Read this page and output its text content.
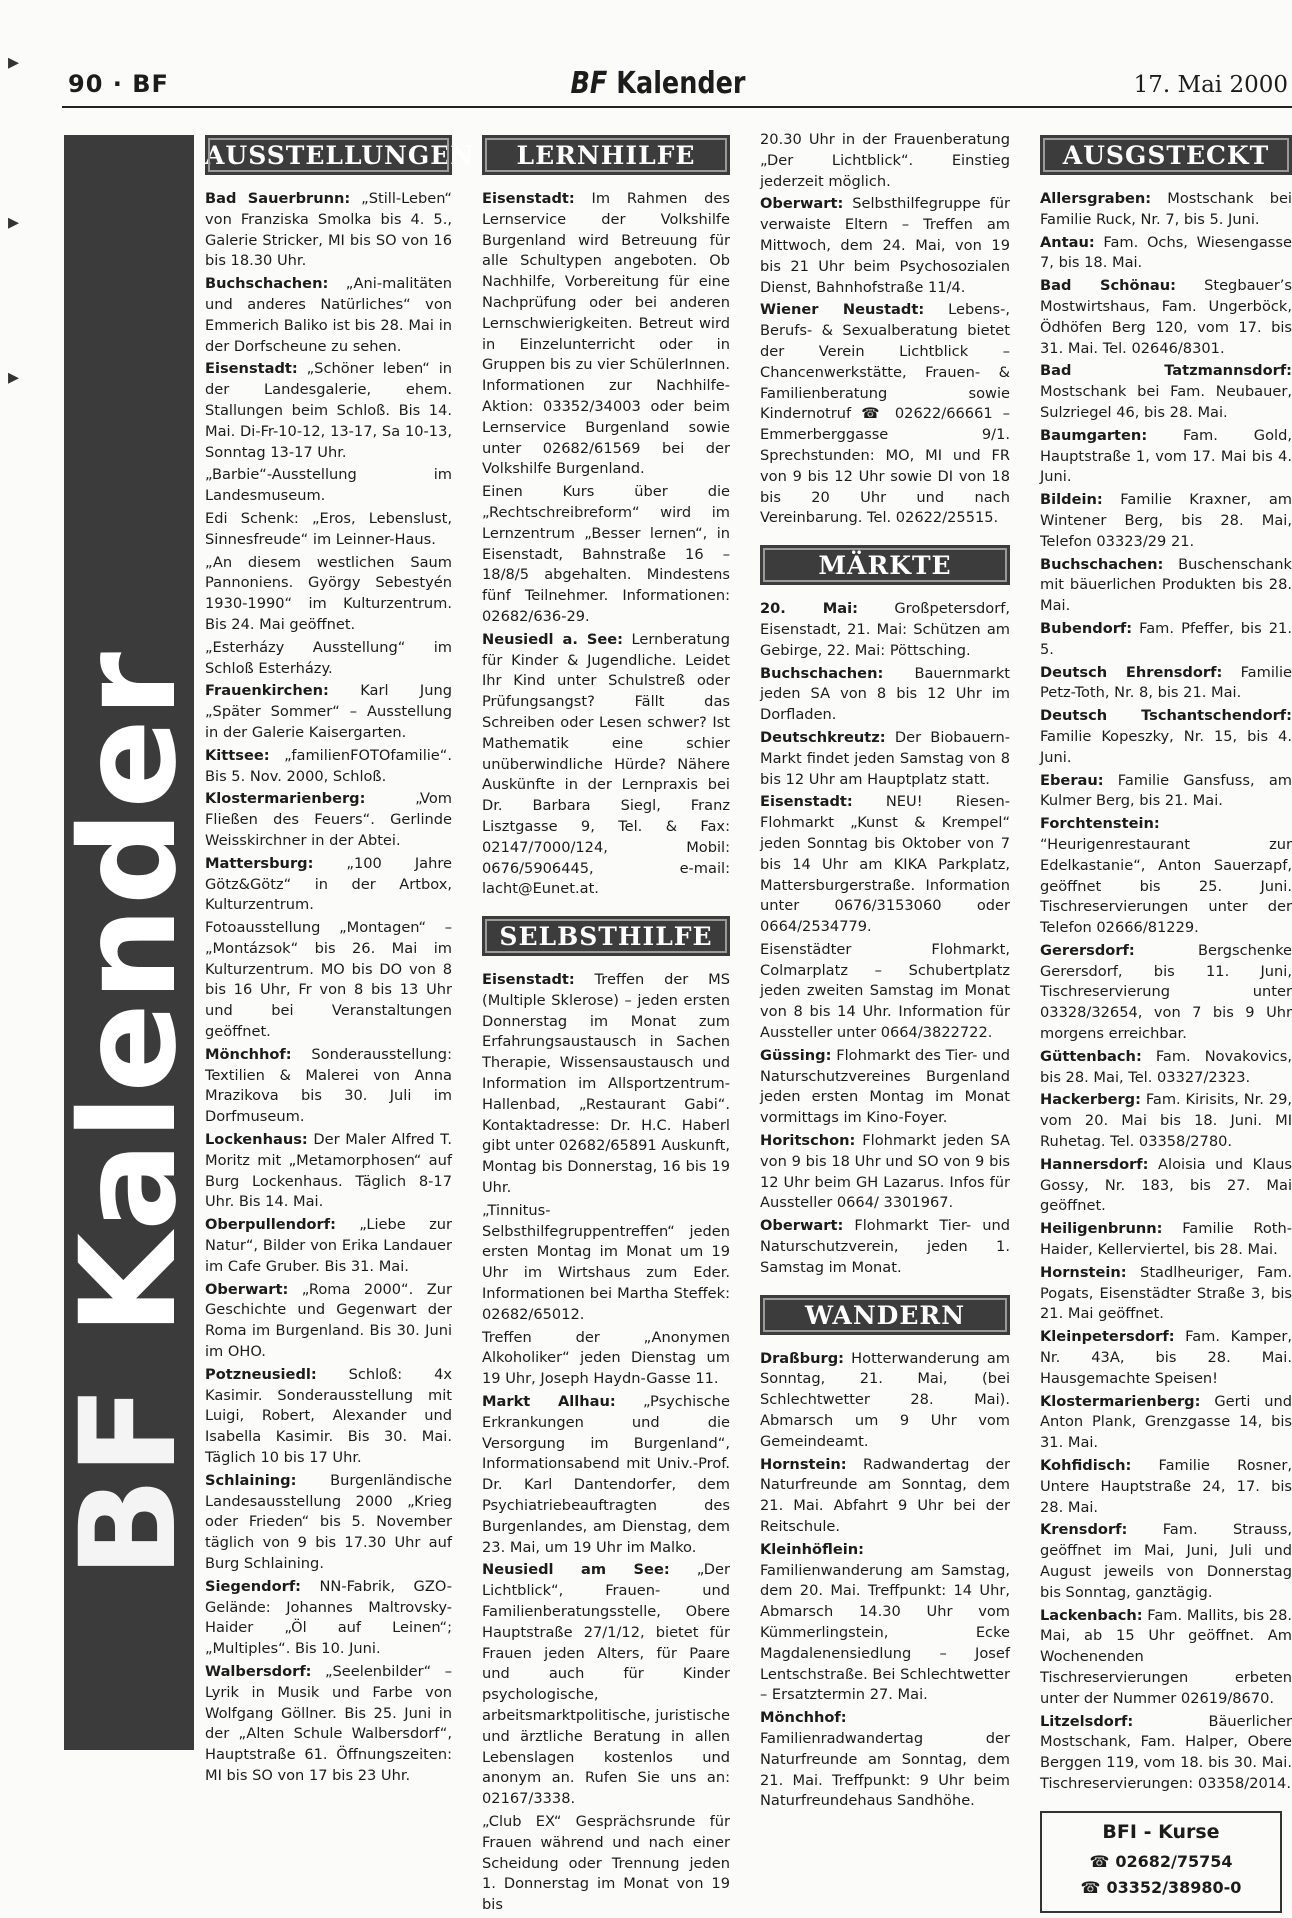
90 · BF	BF Kalender	17. Mai 2000
BF Kalender
AUSSTELLUNGEN

Bad Sauerbrunn: „Still-Leben“ von Franziska Smolka bis 4. 5., Galerie Stricker, MI bis SO von 16 bis 18.30 Uhr.

Buchschachen: „Ani-malitäten und anderes Natürliches“ von Emmerich Baliko ist bis 28. Mai in der Dorfscheune zu sehen.

Eisenstadt: „Schöner leben“ in der Landesgalerie, ehem. Stallungen beim Schloß. Bis 14. Mai. Di-Fr-10-12, 13-17, Sa 10-13, Sonntag 13-17 Uhr.

„Barbie“-Ausstellung im Landesmuseum.

Edi Schenk: „Eros, Lebenslust, Sinnesfreude“ im Leinner-Haus.

„An diesem westlichen Saum Pannoniens. György Sebestyén 1930-1990“ im Kulturzentrum. Bis 24. Mai geöffnet.

„Esterházy Ausstellung“ im Schloß Esterházy.

Frauenkirchen: Karl Jung „Später Sommer“ – Ausstellung in der Galerie Kaisergarten.

Kittsee: „familienFOTOfamilie“. Bis 5. Nov. 2000, Schloß.

Klostermarienberg: „Vom Fließen des Feuers“. Gerlinde Weisskirchner in der Abtei.

Mattersburg: „100 Jahre Götz&Götz“ in der Artbox, Kulturzentrum.

Fotoausstellung „Montagen“ – „Montázsok“ bis 26. Mai im Kulturzentrum. MO bis DO von 8 bis 16 Uhr, Fr von 8 bis 13 Uhr und bei Veranstaltungen geöffnet.

Mönchhof: Sonderausstellung: Textilien & Malerei von Anna Mrazikova bis 30. Juli im Dorfmuseum.

Lockenhaus: Der Maler Alfred T. Moritz mit „Metamorphosen“ auf Burg Lockenhaus. Täglich 8-17 Uhr. Bis 14. Mai.

Oberpullendorf: „Liebe zur Natur“, Bilder von Erika Landauer im Cafe Gruber. Bis 31. Mai.

Oberwart: „Roma 2000“. Zur Geschichte und Gegenwart der Roma im Burgenland. Bis 30. Juni im OHO.

Potzneusiedl: Schloß: 4x Kasimir. Sonderausstellung mit Luigi, Robert, Alexander und Isabella Kasimir. Bis 30. Mai. Täglich 10 bis 17 Uhr.

Schlaining: Burgenländische Landesausstellung 2000 „Krieg oder Frieden“ bis 5. November täglich von 9 bis 17.30 Uhr auf Burg Schlaining.

Siegendorf: NN-Fabrik, GZO-Gelände: Johannes Maltrovsky-Haider „Öl auf Leinen“; „Multiples“. Bis 10. Juni.

Walbersdorf: „Seelenbilder“ – Lyrik in Musik und Farbe von Wolfgang Göllner. Bis 25. Juni in der „Alten Schule Walbersdorf“, Hauptstraße 61. Öffnungszeiten: MI bis SO von 17 bis 23 Uhr.

LERNHILFE

Eisenstadt: Im Rahmen des Lernservice der Volkshilfe Burgenland wird Betreuung für alle Schultypen angeboten. Ob Nachhilfe, Vorbereitung für eine Nachprüfung oder bei anderen Lernschwierigkeiten. Betreut wird in Einzelunterricht oder in Gruppen bis zu vier SchülerInnen. Informationen zur Nachhilfe-Aktion: 03352/34003 oder beim Lernservice Burgenland sowie unter 02682/61569 bei der Volkshilfe Burgenland.

Einen Kurs über die „Rechtschreibreform“ wird im Lernzentrum „Besser lernen“, in Eisenstadt, Bahnstraße 16 – 18/8/5 abgehalten. Mindestens fünf Teilnehmer. Informationen: 02682/636-29.

Neusiedl a. See: Lernberatung für Kinder & Jugendliche. Leidet Ihr Kind unter Schulstreß oder Prüfungsangst? Fällt das Schreiben oder Lesen schwer? Ist Mathematik eine schier unüberwindliche Hürde? Nähere Auskünfte in der Lernpraxis bei Dr. Barbara Siegl, Franz Lisztgasse 9, Tel. & Fax: 02147/7000/124, Mobil: 0676/5906445, e-mail: lacht@Eunet.at.

SELBSTHILFE

Eisenstadt: Treffen der MS (Multiple Sklerose) – jeden ersten Donnerstag im Monat zum Erfahrungsaustausch in Sachen Therapie, Wissensaustausch und Information im Allsportzentrum- Hallenbad, „Restaurant Gabi“. Kontaktadresse: Dr. H.C. Haberl gibt unter 02682/65891 Auskunft, Montag bis Donnerstag, 16 bis 19 Uhr.

„Tinnitus-Selbsthilfegruppentreffen“ jeden ersten Montag im Monat um 19 Uhr im Wirtshaus zum Eder. Informationen bei Martha Steffek: 02682/65012.

Treffen der „Anonymen Alkoholiker“ jeden Dienstag um 19 Uhr, Joseph Haydn-Gasse 11.

Markt Allhau: „Psychische Erkrankungen und die Versorgung im Burgenland“, Informationsabend mit Univ.-Prof. Dr. Karl Dantendorfer, dem Psychiatriebeauftragten des Burgenlandes, am Dienstag, dem 23. Mai, um 19 Uhr im Malko.

Neusiedl am See: „Der Lichtblick“, Frauen- und Familienberatungsstelle, Obere Hauptstraße 27/1/12, bietet für Frauen jeden Alters, für Paare und auch für Kinder psychologische, arbeitsmarktpolitische, juristische und ärztliche Beratung in allen Lebenslagen kostenlos und anonym an. Rufen Sie uns an: 02167/3338.

„Club EX“ Gesprächsrunde für Frauen während und nach einer Scheidung oder Trennung jeden 1. Donnerstag im Monat von 19 bis

20.30 Uhr in der Frauenberatung „Der Lichtblick“. Einstieg jederzeit möglich.

Oberwart: Selbsthilfegruppe für verwaiste Eltern – Treffen am Mittwoch, dem 24. Mai, von 19 bis 21 Uhr beim Psychosozialen Dienst, Bahnhofstraße 11/4.

Wiener Neustadt: Lebens-, Berufs- & Sexualberatung bietet der Verein Lichtblick – Chancenwerkstätte, Frauen- & Familienberatung sowie Kindernotruf ☎ 02622/66661 – Emmerberggasse 9/1. Sprechstunden: MO, MI und FR von 9 bis 12 Uhr sowie DI von 18 bis 20 Uhr und nach Vereinbarung. Tel. 02622/25515.

MÄRKTE

20. Mai: Großpetersdorf, Eisenstadt, 21. Mai: Schützen am Gebirge, 22. Mai: Pöttsching.

Buchschachen: Bauernmarkt jeden SA von 8 bis 12 Uhr im Dorfladen.

Deutschkreutz: Der Biobauern-Markt findet jeden Samstag von 8 bis 12 Uhr am Hauptplatz statt.

Eisenstadt: NEU! Riesen-Flohmarkt „Kunst & Krempel“ jeden Sonntag bis Oktober von 7 bis 14 Uhr am KIKA Parkplatz, Mattersburgerstraße. Information unter 0676/3153060 oder 0664/2534779.

Eisenstädter Flohmarkt, Colmarplatz – Schubertplatz jeden zweiten Samstag im Monat von 8 bis 14 Uhr. Information für Aussteller unter 0664/3822722.

Güssing: Flohmarkt des Tier- und Naturschutzvereines Burgenland jeden ersten Montag im Monat vormittags im Kino-Foyer.

Horitschon: Flohmarkt jeden SA von 9 bis 18 Uhr und SO von 9 bis 12 Uhr beim GH Lazarus. Infos für Aussteller 0664/ 3301967.

Oberwart: Flohmarkt Tier- und Naturschutzverein, jeden 1. Samstag im Monat.

WANDERN

Draßburg: Hotterwanderung am Sonntag, 21. Mai, (bei Schlechtwetter 28. Mai). Abmarsch um 9 Uhr vom Gemeindeamt.

Hornstein: Radwandertag der Naturfreunde am Sonntag, dem 21. Mai. Abfahrt 9 Uhr bei der Reitschule.

Kleinhöflein: Familienwanderung am Samstag, dem 20. Mai. Treffpunkt: 14 Uhr, Abmarsch 14.30 Uhr vom Kümmerlingstein, Ecke Magdalenensiedlung – Josef Lentschstraße. Bei Schlechtwetter – Ersatztermin 27. Mai.

Mönchhof: Familienradwandertag der Naturfreunde am Sonntag, dem 21. Mai. Treffpunkt: 9 Uhr beim Naturfreundehaus Sandhöhe.

AUSGSTECKT

Allersgraben: Mostschank bei Familie Ruck, Nr. 7, bis 5. Juni.

Antau: Fam. Ochs, Wiesengasse 7, bis 18. Mai.

Bad Schönau: Stegbauer’s Mostwirtshaus, Fam. Ungerböck, Ödhöfen Berg 120, vom 17. bis 31. Mai. Tel. 02646/8301.

Bad Tatzmannsdorf: Mostschank bei Fam. Neubauer, Sulzriegel 46, bis 28. Mai.

Baumgarten: Fam. Gold, Hauptstraße 1, vom 17. Mai bis 4. Juni.

Bildein: Familie Kraxner, am Wintener Berg, bis 28. Mai, Telefon 03323/29 21.

Buchschachen: Buschenschank mit bäuerlichen Produkten bis 28. Mai.

Bubendorf: Fam. Pfeffer, bis 21. 5.

Deutsch Ehrensdorf: Familie Petz-Toth, Nr. 8, bis 21. Mai.

Deutsch Tschantschendorf: Familie Kopeszky, Nr. 15, bis 4. Juni.

Eberau: Familie Gansfuss, am Kulmer Berg, bis 21. Mai.

Forchtenstein: “Heurigenrestaurant zur Edelkastanie“, Anton Sauerzapf, geöffnet bis 25. Juni. Tischreservierungen unter der Telefon 02666/81229.

Gerersdorf: Bergschenke Gerersdorf, bis 11. Juni, Tischreservierung unter 03328/32654, von 7 bis 9 Uhr morgens erreichbar.

Güttenbach: Fam. Novakovics, bis 28. Mai, Tel. 03327/2323.

Hackerberg: Fam. Kirisits, Nr. 29, vom 20. Mai bis 18. Juni. MI Ruhetag. Tel. 03358/2780.

Hannersdorf: Aloisia und Klaus Gossy, Nr. 183, bis 27. Mai geöffnet.

Heiligenbrunn: Familie Roth-Haider, Kellerviertel, bis 28. Mai.

Hornstein: Stadlheuriger, Fam. Pogats, Eisenstädter Straße 3, bis 21. Mai geöffnet.

Kleinpetersdorf: Fam. Kamper, Nr. 43A, bis 28. Mai. Hausgemachte Speisen!

Klostermarienberg: Gerti und Anton Plank, Grenzgasse 14, bis 31. Mai.

Kohfidisch: Familie Rosner, Untere Hauptstraße 24, 17. bis 28. Mai.

Krensdorf: Fam. Strauss, geöffnet im Mai, Juni, Juli und August jeweils von Donnerstag bis Sonntag, ganztägig.

Lackenbach: Fam. Mallits, bis 28. Mai, ab 15 Uhr geöffnet. Am Wochenenden Tischreservierungen erbeten unter der Nummer 02619/8670.

Litzelsdorf: Bäuerlicher Mostschank, Fam. Halper, Obere Berggen 119, vom 18. bis 30. Mai. Tischreservierungen: 03358/2014.

BFI - Kurse
☎ 02682/75754
☎ 03352/38980-0
▸
▸
▸
